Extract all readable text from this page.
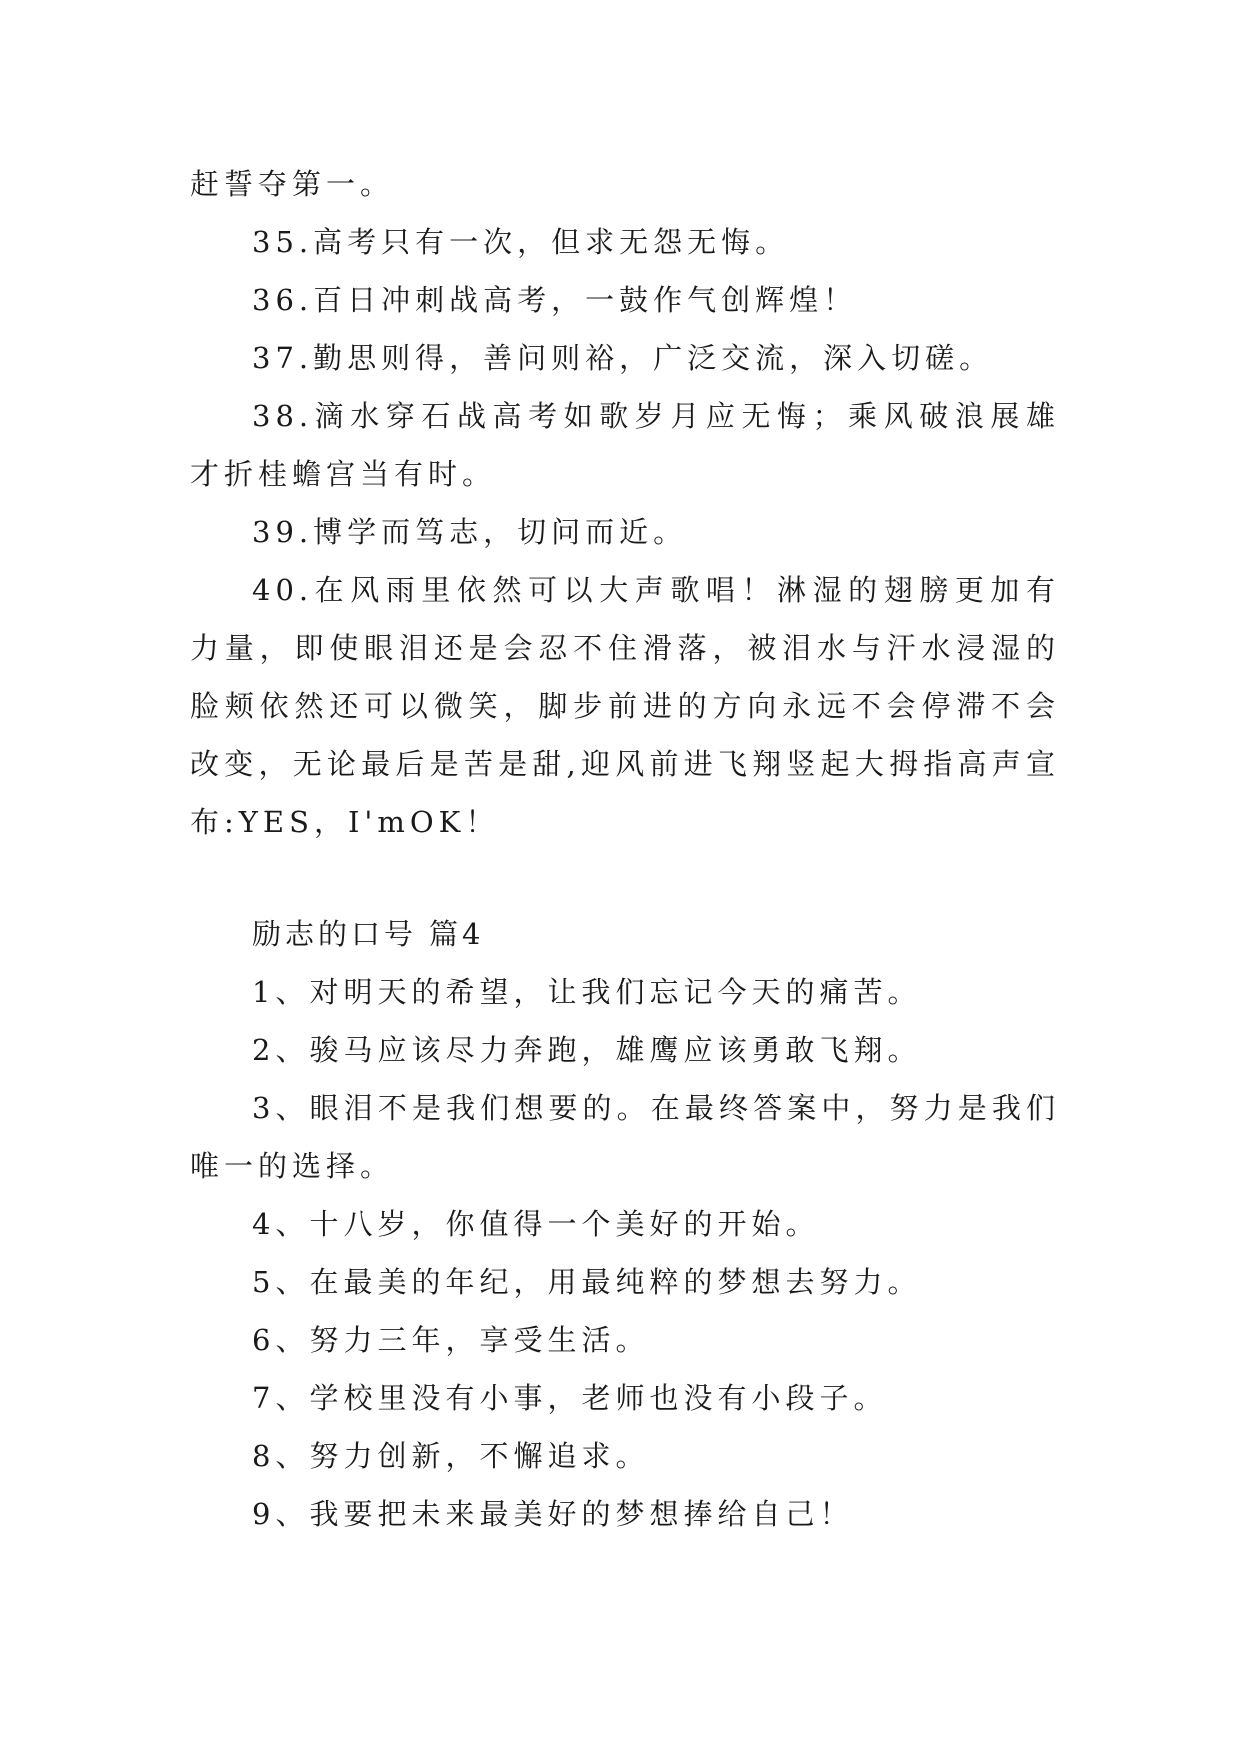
赶誓夺第一。

35.高考只有一次，但求无怨无悔。

36.百日冲刺战高考，一鼓作气创辉煌！

37.勤思则得，善问则裕，广泛交流，深入切磋。

38.滴水穿石战高考如歌岁月应无悔；乘风破浪展雄才折桂蟾宫当有时。

39.博学而笃志，切问而近。

40.在风雨里依然可以大声歌唱！淋湿的翅膀更加有力量，即使眼泪还是会忍不住滑落，被泪水与汗水浸湿的脸颊依然还可以微笑，脚步前进的方向永远不会停滞不会改变，无论最后是苦是甜,迎风前进飞翔竖起大拇指高声宣布:YES，I'mOK！

励志的口号 篇4

1、对明天的希望，让我们忘记今天的痛苦。

2、骏马应该尽力奔跑，雄鹰应该勇敢飞翔。

3、眼泪不是我们想要的。在最终答案中，努力是我们唯一的选择。

4、十八岁，你值得一个美好的开始。

5、在最美的年纪，用最纯粹的梦想去努力。

6、努力三年，享受生活。

7、学校里没有小事，老师也没有小段子。

8、努力创新，不懈追求。

9、我要把未来最美好的梦想捧给自己！
